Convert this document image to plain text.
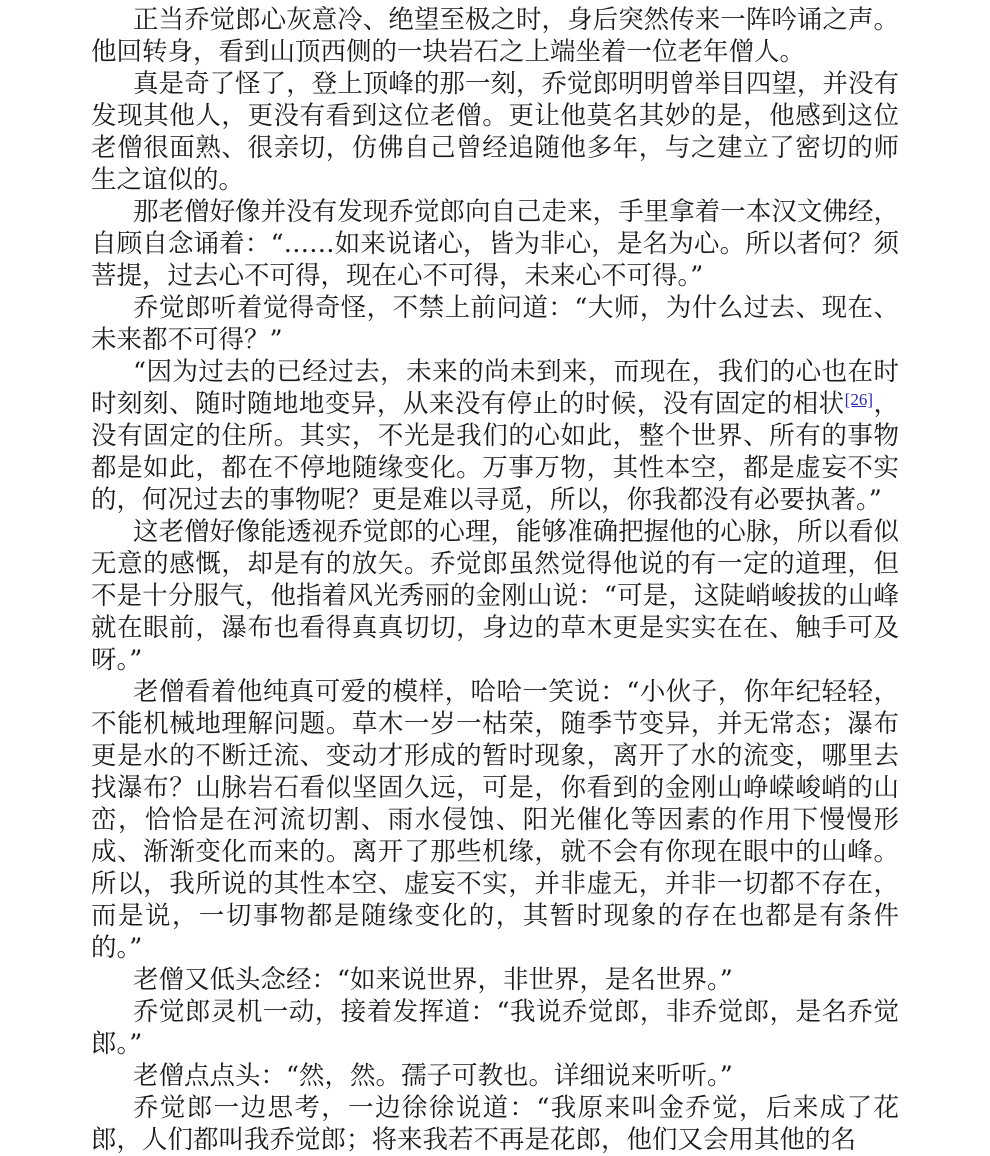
正当乔觉郎心灰意冷、绝望至极之时，身后突然传来一阵吟诵之声。他回转身，看到山顶西侧的一块岩石之上端坐着一位老年僧人。

真是奇了怪了，登上顶峰的那一刻，乔觉郎明明曾举目四望，并没有发现其他人，更没有看到这位老僧。更让他莫名其妙的是，他感到这位老僧很面熟、很亲切，仿佛自己曾经追随他多年，与之建立了密切的师生之谊似的。

那老僧好像并没有发现乔觉郎向自己走来，手里拿着一本汉文佛经，自顾自念诵着：“……如来说诸心，皆为非心，是名为心。所以者何？须菩提，过去心不可得，现在心不可得，未来心不可得。”

乔觉郎听着觉得奇怪，不禁上前问道：“大师，为什么过去、现在、未来都不可得？”

“因为过去的已经过去，未来的尚未到来，而现在，我们的心也在时时刻刻、随时随地地变异，从来没有停止的时候，没有固定的相状[26]，没有固定的住所。其实，不光是我们的心如此，整个世界、所有的事物都是如此，都在不停地随缘变化。万事万物，其性本空，都是虚妄不实的，何况过去的事物呢？更是难以寻觅，所以，你我都没有必要执著。”

这老僧好像能透视乔觉郎的心理，能够准确把握他的心脉，所以看似无意的感慨，却是有的放矢。乔觉郎虽然觉得他说的有一定的道理，但不是十分服气，他指着风光秀丽的金刚山说：“可是，这陡峭峻拔的山峰就在眼前，瀑布也看得真真切切，身边的草木更是实实在在、触手可及呀。”

老僧看着他纯真可爱的模样，哈哈一笑说：“小伙子，你年纪轻轻，不能机械地理解问题。草木一岁一枯荣，随季节变异，并无常态；瀑布更是水的不断迁流、变动才形成的暂时现象，离开了水的流变，哪里去找瀑布？山脉岩石看似坚固久远，可是，你看到的金刚山峥嵘峻峭的山峦，恰恰是在河流切割、雨水侵蚀、阳光催化等因素的作用下慢慢形成、渐渐变化而来的。离开了那些机缘，就不会有你现在眼中的山峰。所以，我所说的其性本空、虚妄不实，并非虚无，并非一切都不存在，而是说，一切事物都是随缘变化的，其暂时现象的存在也都是有条件的。”

老僧又低头念经：“如来说世界，非世界，是名世界。”

乔觉郎灵机一动，接着发挥道：“我说乔觉郎，非乔觉郎，是名乔觉郎。”

老僧点点头：“然，然。孺子可教也。详细说来听听。”

乔觉郎一边思考，一边徐徐说道：“我原来叫金乔觉，后来成了花郎，人们都叫我乔觉郎；将来我若不再是花郎，他们又会用其他的名
